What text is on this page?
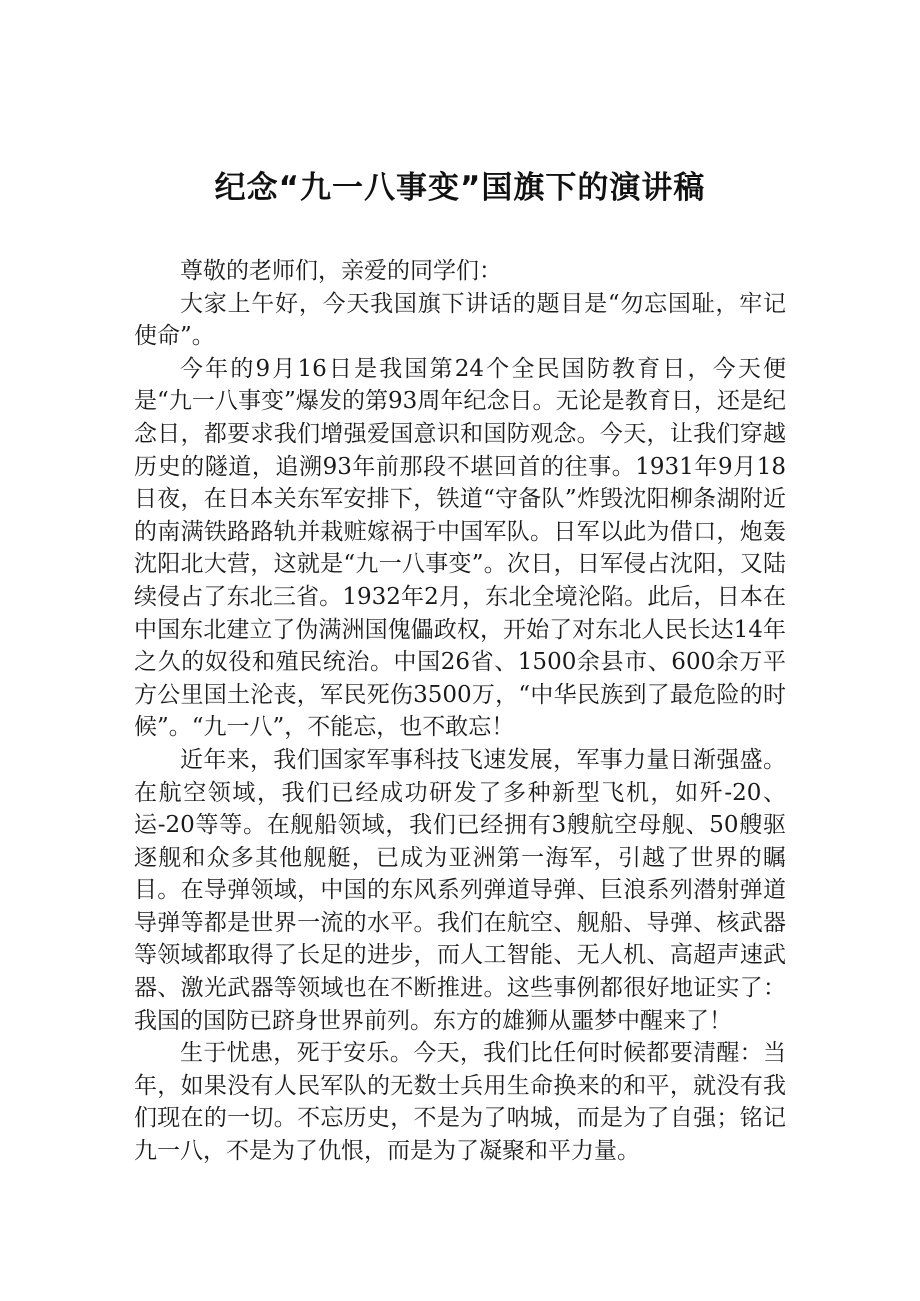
纪念“九一八事变”国旗下的演讲稿

尊敬的老师们，亲爱的同学们：

大家上午好，今天我国旗下讲话的题目是“勿忘国耻，牢记使命”。

今年的9月16日是我国第24个全民国防教育日，今天便是“九一八事变”爆发的第93周年纪念日。无论是教育日，还是纪念日，都要求我们增强爱国意识和国防观念。今天，让我们穿越历史的隧道，追溯93年前那段不堪回首的往事。1931年9月18日夜，在日本关东军安排下，铁道“守备队”炸毁沈阳柳条湖附近的南满铁路路轨并栽赃嫁祸于中国军队。日军以此为借口，炮轰沈阳北大营，这就是“九一八事变”。次日，日军侵占沈阳，又陆续侵占了东北三省。1932年2月，东北全境沦陷。此后，日本在中国东北建立了伪满洲国傀儡政权，开始了对东北人民长达14年之久的奴役和殖民统治。中国26省、1500余县市、600余万平方公里国土沦丧，军民死伤3500万，“中华民族到了最危险的时候”。“九一八”，不能忘，也不敢忘！

近年来，我们国家军事科技飞速发展，军事力量日渐强盛。在航空领域，我们已经成功研发了多种新型飞机，如歼-20、运-20等等。在舰船领域，我们已经拥有3艘航空母舰、50艘驱逐舰和众多其他舰艇，已成为亚洲第一海军，引越了世界的瞩目。在导弹领域，中国的东风系列弹道导弹、巨浪系列潜射弹道导弹等都是世界一流的水平。我们在航空、舰船、导弹、核武器等领域都取得了长足的进步，而人工智能、无人机、高超声速武器、激光武器等领域也在不断推进。这些事例都很好地证实了：我国的国防已跻身世界前列。东方的雄狮从噩梦中醒来了！

生于忧患，死于安乐。今天，我们比任何时候都要清醒：当年，如果没有人民军队的无数士兵用生命换来的和平，就没有我们现在的一切。不忘历史，不是为了呐城，而是为了自强；铭记九一八，不是为了仇恨，而是为了凝聚和平力量。
